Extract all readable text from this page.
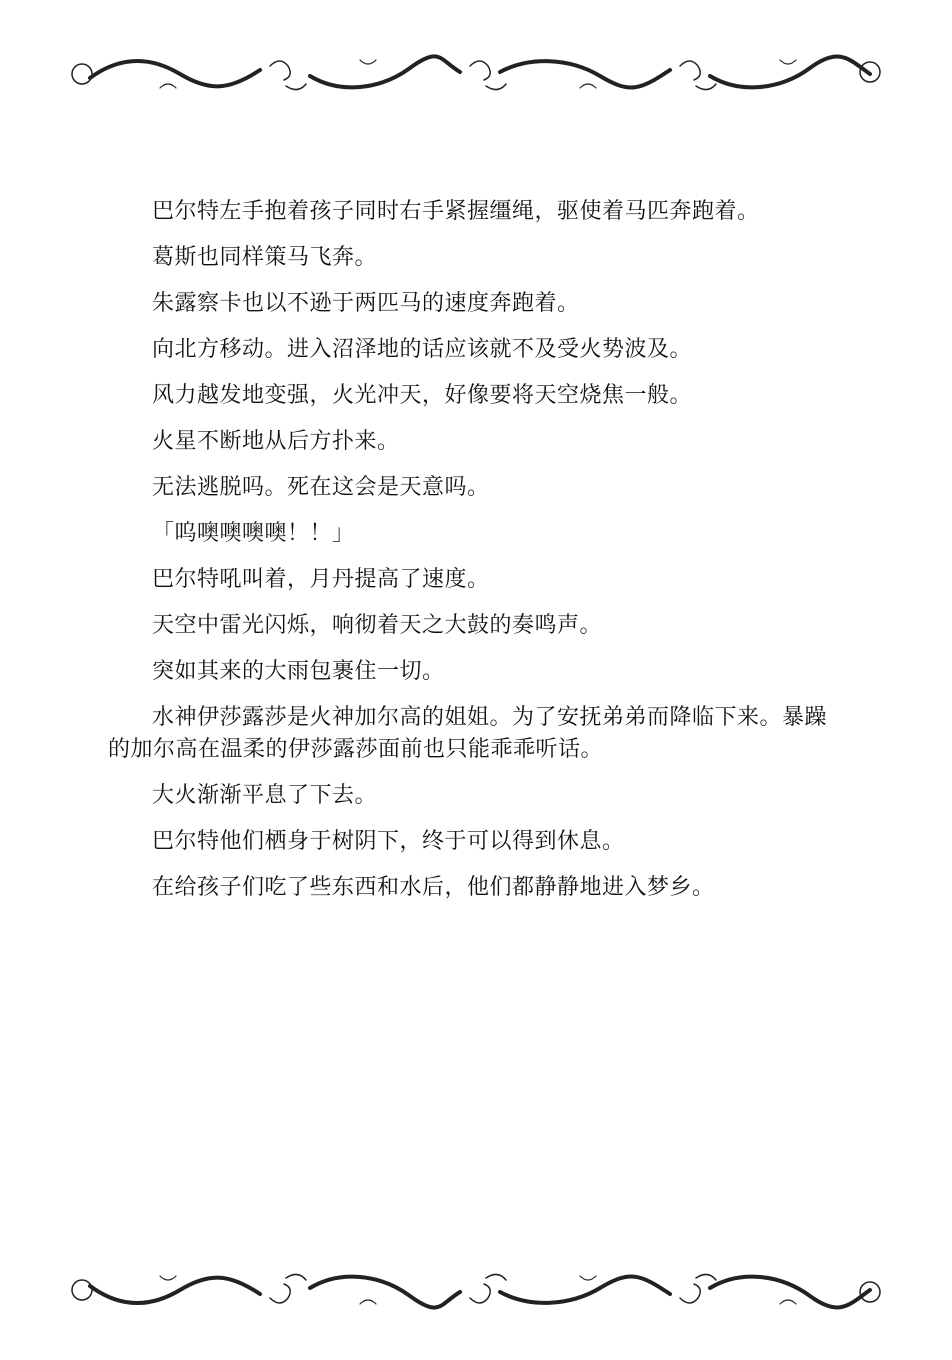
巴尔特左手抱着孩子同时右手紧握缰绳，驱使着马匹奔跑着。

葛斯也同样策马飞奔。

朱露察卡也以不逊于两匹马的速度奔跑着。

向北方移动。进入沼泽地的话应该就不及受火势波及。

风力越发地变强，火光冲天，好像要将天空烧焦一般。

火星不断地从后方扑来。

无法逃脱吗。死在这会是天意吗。

「呜噢噢噢噢！！」

巴尔特吼叫着，月丹提高了速度。

天空中雷光闪烁，响彻着天之大鼓的奏鸣声。

突如其来的大雨包裹住一切。

水神伊莎露莎是火神加尔高的姐姐。为了安抚弟弟而降临下来。暴躁的加尔高在温柔的伊莎露莎面前也只能乖乖听话。

大火渐渐平息了下去。

巴尔特他们栖身于树阴下，终于可以得到休息。

在给孩子们吃了些东西和水后，他们都静静地进入梦乡。
